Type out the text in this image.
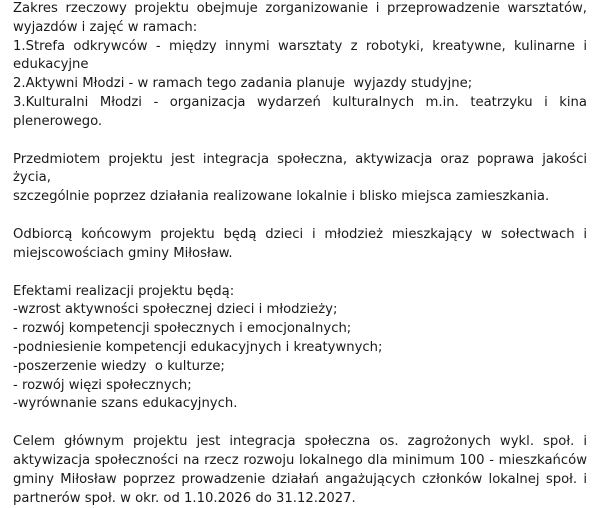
Zakres rzeczowy projektu obejmuje zorganizowanie i przeprowadzenie warsztatów,
wyjazdów i zajęć w ramach:
1.Strefa odkrywców - między innymi warsztaty z robotyki, kreatywne, kulinarne i
edukacyjne
2.Aktywni Młodzi - w ramach tego zadania planuje  wyjazdy studyjne;
3.Kulturalni Młodzi - organizacja wydarzeń kulturalnych m.in. teatrzyku i kina
plenerowego.
Przedmiotem projektu jest integracja społeczna, aktywizacja oraz poprawa jakości życia,
szczególnie poprzez działania realizowane lokalnie i blisko miejsca zamieszkania.
Odbiorcą końcowym projektu będą dzieci i młodzież mieszkający w sołectwach i
miejscowościach gminy Miłosław.
Efektami realizacji projektu będą:
-wzrost aktywności społecznej dzieci i młodzieży;
- rozwój kompetencji społecznych i emocjonalnych;
-podniesienie kompetencji edukacyjnych i kreatywnych;
-poszerzenie wiedzy  o kulturze;
- rozwój więzi społecznych;
-wyrównanie szans edukacyjnych.
Celem głównym projektu jest integracja społeczna os. zagrożonych wykl. społ. i
aktywizacja społeczności na rzecz rozwoju lokalnego dla minimum 100 - mieszkańców
gminy Miłosław poprzez prowadzenie działań angażujących członków lokalnej społ. i
partnerów społ. w okr. od 1.10.2026 do 31.12.2027.
